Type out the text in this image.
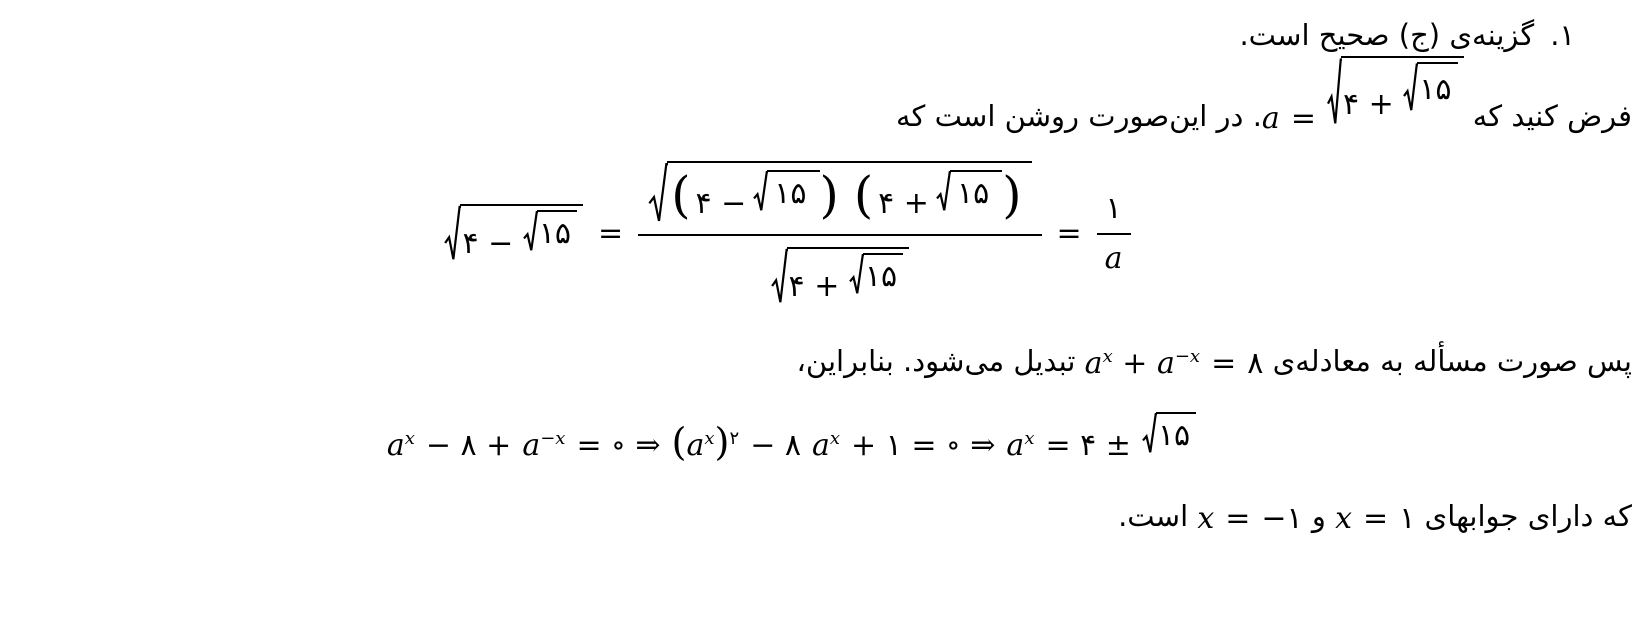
۱.گزینه‌ی (ج) صحیح است.
فرض کنید که a = ۴ +
۱۵
. در این‌صورت روشن است که
۴ −
۱۵ = ( ۴ − ۱۵ ) ( ۴ + ۱۵ )
۴ +
۱۵ = $\frac{۱}{a}$
پس صورت مسأله به معادله‌ی $a^x + a^{-x}$ = ۸ تبدیل می‌شود. بنابراین،
$a^x$ − ۸ + $a^{-x}$ = ∘ ⇒ $(a^x)^۲$ − ۸ $a^x$ + ۱ = ∘ ⇒ $a^x$ = ۴ ± ۱۵
که دارای جوابهای x = ۱ و x = −۱ است.
